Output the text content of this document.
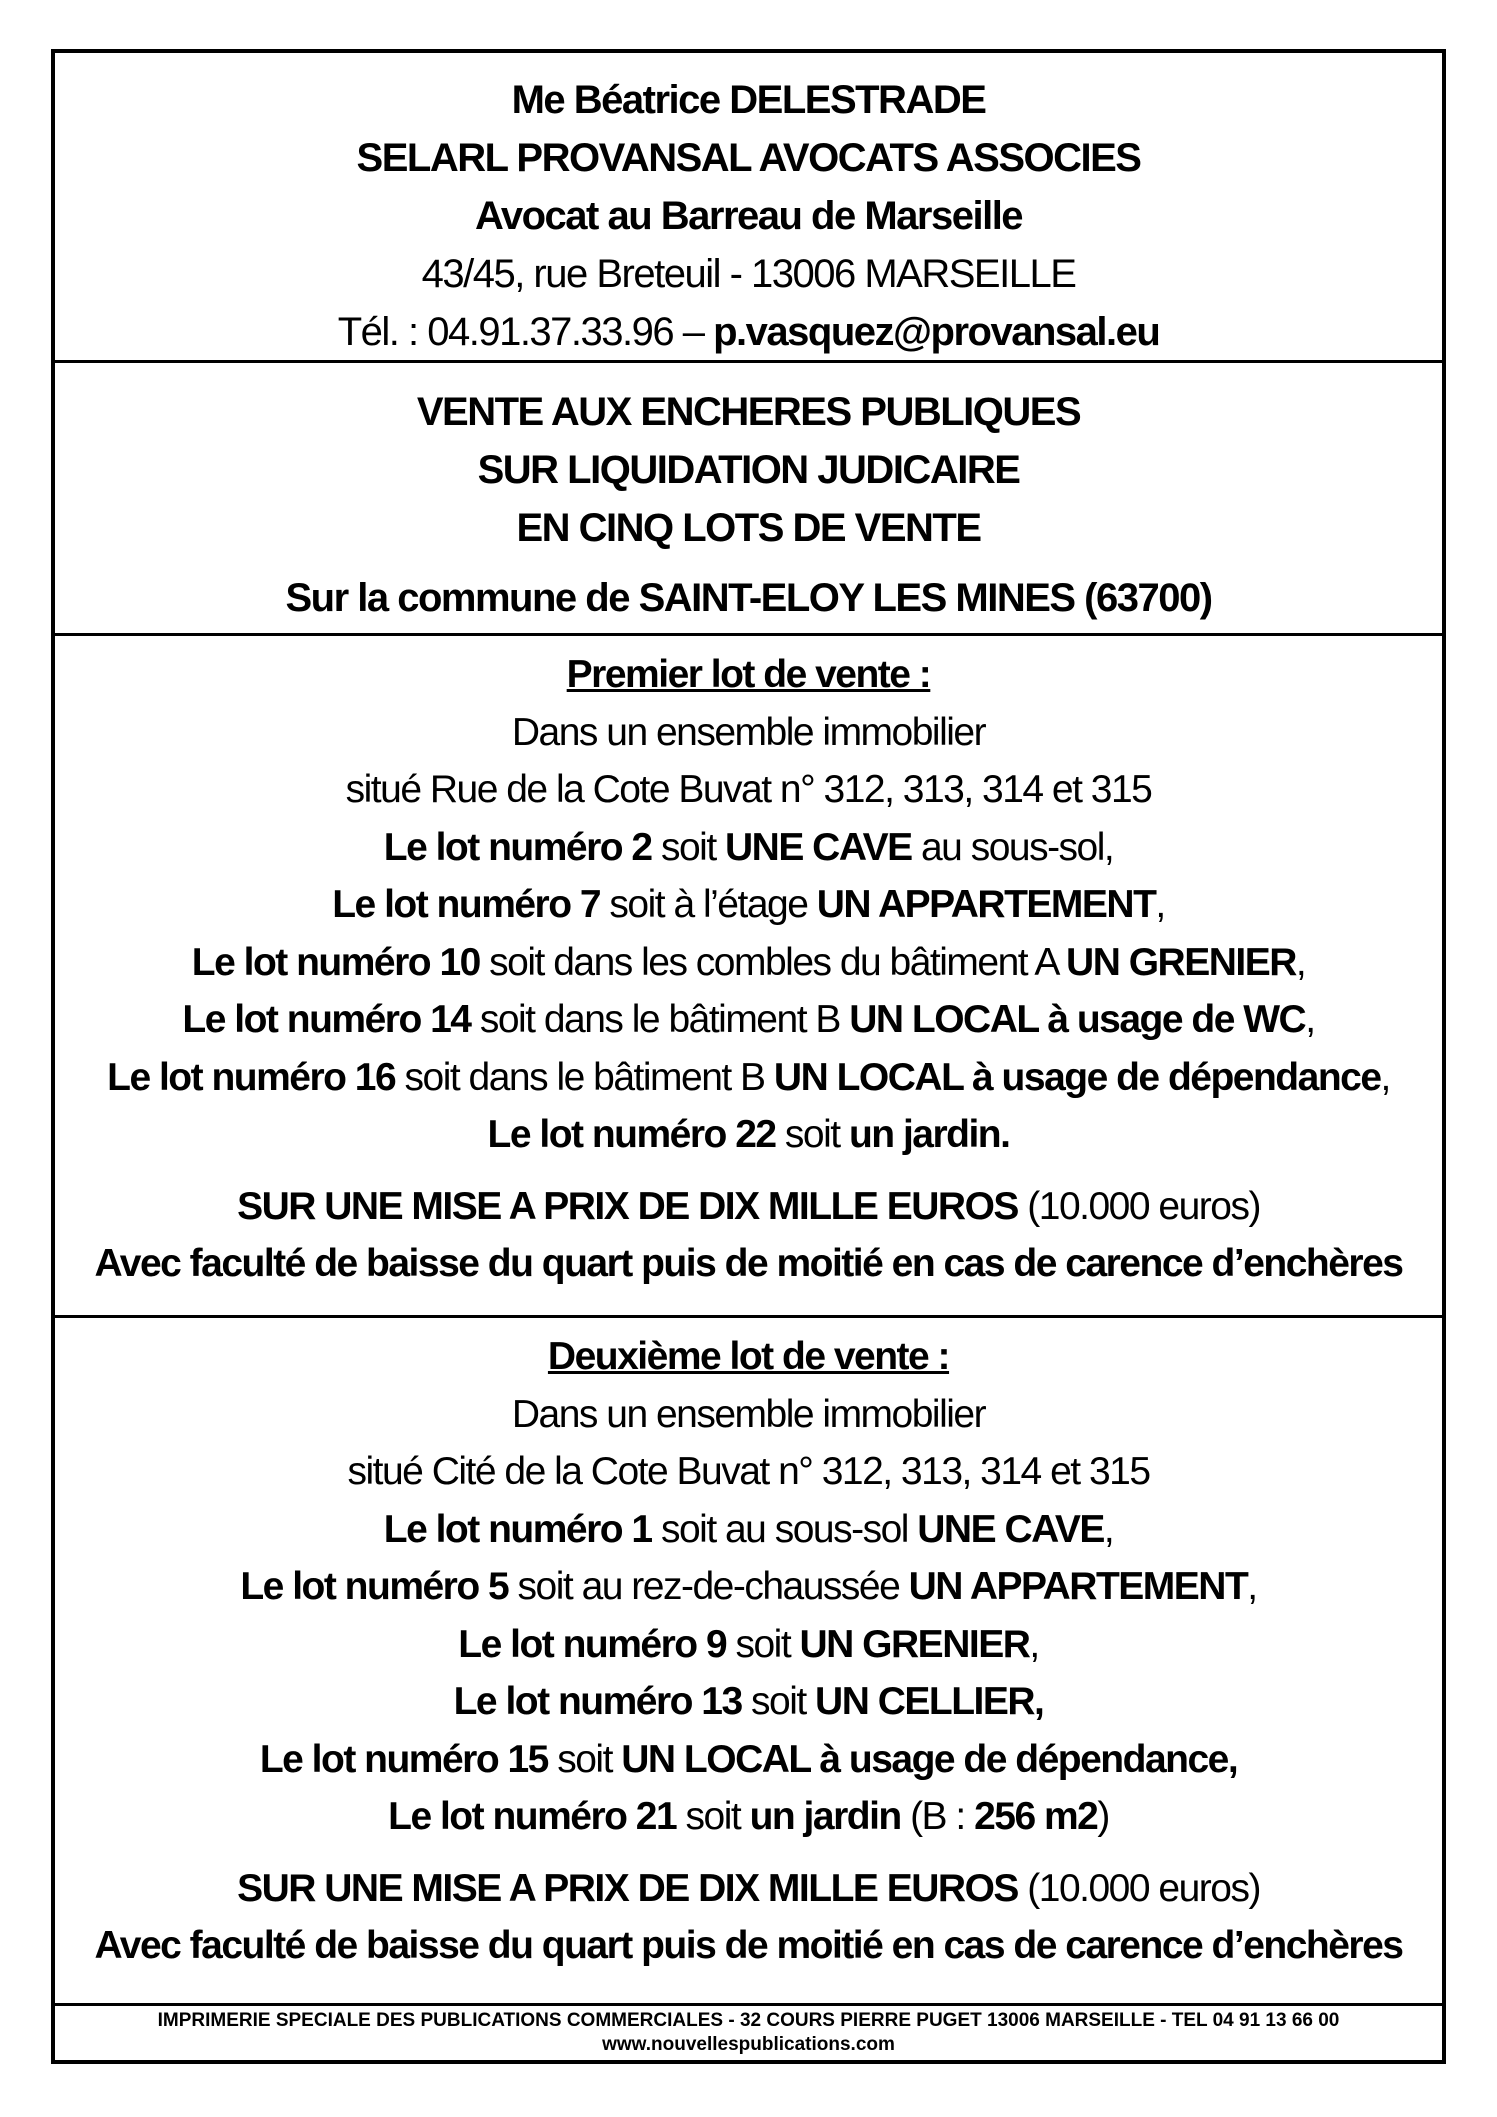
Me Béatrice DELESTRADE
SELARL PROVANSAL AVOCATS ASSOCIES
Avocat au Barreau de Marseille
43/45, rue Breteuil - 13006 MARSEILLE
Tél. : 04.91.37.33.96 – p.vasquez@provansal.eu
VENTE AUX ENCHERES PUBLIQUES
SUR LIQUIDATION JUDICAIRE
EN CINQ LOTS DE VENTE
Sur la commune de SAINT-ELOY LES MINES (63700)
Premier lot de vente :
Dans un ensemble immobilier
situé Rue de la Cote Buvat n° 312, 313, 314 et 315
Le lot numéro 2 soit UNE CAVE au sous-sol,
Le lot numéro 7 soit à l’étage UN APPARTEMENT,
Le lot numéro 10 soit dans les combles du bâtiment A UN GRENIER,
Le lot numéro 14 soit dans le bâtiment B UN LOCAL à usage de WC,
Le lot numéro 16 soit dans le bâtiment B UN LOCAL à usage de dépendance,
Le lot numéro 22 soit un jardin.
SUR UNE MISE A PRIX DE DIX MILLE EUROS (10.000 euros)
Avec faculté de baisse du quart puis de moitié en cas de carence d’enchères
Deuxième lot de vente :
Dans un ensemble immobilier
situé Cité de la Cote Buvat n° 312, 313, 314 et 315
Le lot numéro 1 soit au sous-sol UNE CAVE,
Le lot numéro 5 soit au rez-de-chaussée UN APPARTEMENT,
Le lot numéro 9 soit UN GRENIER,
Le lot numéro 13 soit UN CELLIER,
Le lot numéro 15 soit UN LOCAL à usage de dépendance,
Le lot numéro 21 soit un jardin (B : 256 m2)
SUR UNE MISE A PRIX DE DIX MILLE EUROS (10.000 euros)
Avec faculté de baisse du quart puis de moitié en cas de carence d’enchères
IMPRIMERIE SPECIALE DES PUBLICATIONS COMMERCIALES - 32 COURS PIERRE PUGET 13006 MARSEILLE - TEL 04 91 13 66 00
www.nouvellespublications.com
